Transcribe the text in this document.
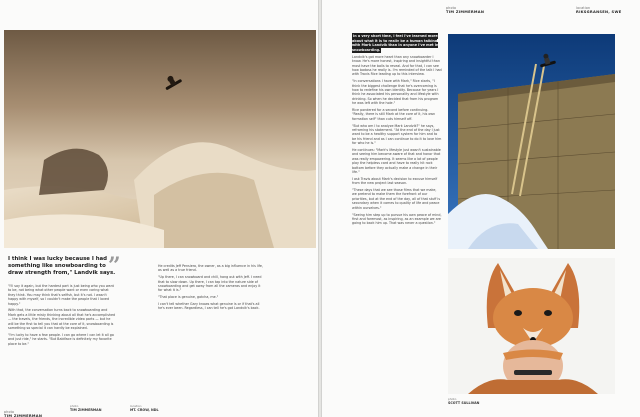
photo
TIM ZIMMERMAN
I think I was lucky because I had something like snowboarding to draw strength from," Landvik says.
”

"I'll say it again, but the hardest part is just being who you want to be, not being what other people want or even caring what they think. You may think that's selfish, but it's not. I wasn't happy with myself, so I couldn't make the people that I loved happy."

With that, the conversation turns back to snowboarding and Mark gets a little misty thinking about all that he's accomplished — the travels, the friends, the incredible video parts — but he will be the first to tell you that at the core of it, snowboarding is something so special it can hardly be explained.

"I'm lucky to have a few people. I can go where I can let it all go and just ride," he starts. "But Baldface is definitely my favorite place to be."

He credits Jeff Pensiero, the owner, as a big influence in his life, as well as a true friend.

"Up there, I can snowboard and chill, hang out with Jeff. I need that to slow down. Up there, I can tap into the nature side of snowboarding and get away from all the cameras and enjoy it for what it is."

"That place is genuine, gotcha, me."

I can't tell whether Gary knows what genuine is or if that's all he's ever been. Regardless, I can tell he's got Landvik's back.

photo
TIM ZIMMERMAN
location
MT. CROW, NDL
photo
TIM ZIMMERMAN
location
RIKSGRANSEN, SWE

In a very short time, I feel I've learned more about what it is to really be a human talking with Mark Landvik than in anyone I've met in snowboarding.

Landvik's got more heart than any snowboarder I know. He's more honest, inspiring and insightful than most have the balls to reveal. And for that, I can see how badass he really is. I'm reminded of the talk I had with Travis Rice leading up to this interview.

"In conversations I have with Mark," Rice starts, "I think the biggest challenge that he's overcoming is how to redefine his own identity. Because for years I think he associated his personality and lifestyle with drinking. So when he decided that from his program he was left with the hole."

Rice pondered for a second before continuing. "Really, there is still Mark at the core of it, his own formation self" than cuts himself off.

"But who am I to analyze Mark Landvik?" he says, reframing his statement. "At the end of the day I just want to be a healthy support system for him and to be his friend and as I can continue to do it to love him for who he is."

He continues: "Mark's lifestyle just wasn't sustainable and seeing him become aware of that and honor that was really empowering. It seems like a lot of people play the helpless card and have to really hit rock bottom before they actually make a change in their life."

I ask Travis about Mark's decision to excuse himself from the new project last season.

"These days that we see those films that we make, we pretend to make them the forefront of our priorities, but at the end of the day, all of that stuff is secondary when it comes to quality of life and peace within ourselves."

"Seeing him step up to pursue his own peace of mind, first and foremost, as inspiring, as an example we are going to back him up. That was never a question."

photo
SCOTT SULLIVAN
